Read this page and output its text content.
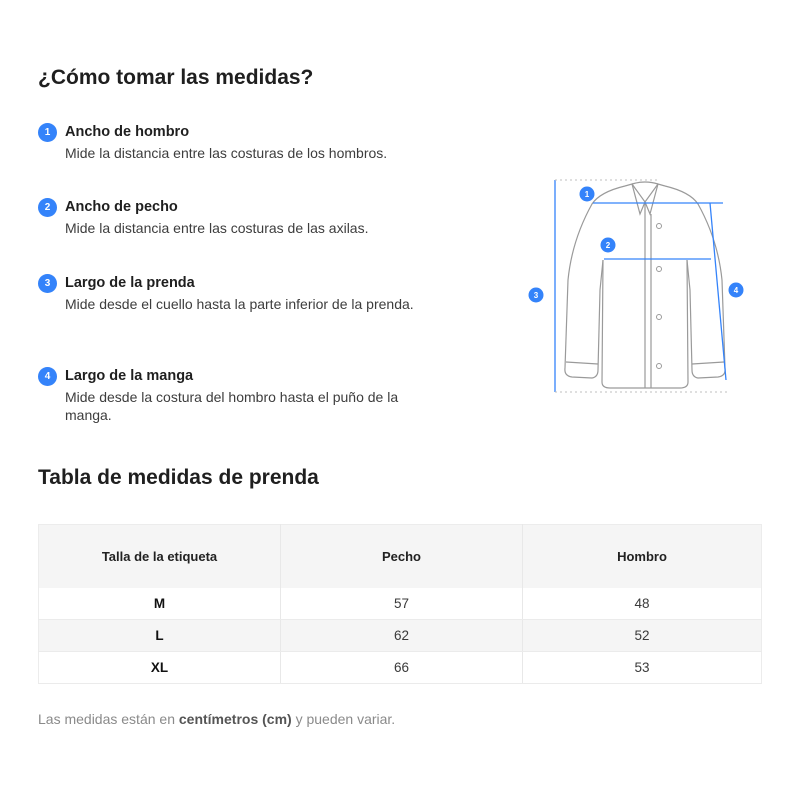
¿Cómo tomar las medidas?
1	Ancho de hombro
Mide la distancia entre las costuras de los hombros.
2	Ancho de pecho
Mide la distancia entre las costuras de las axilas.
3	Largo de la prenda
Mide desde el cuello hasta la parte inferior de la prenda.
4	Largo de la manga
Mide desde la costura del hombro hasta el puño de la manga.
1
2
3
4
Tabla de medidas de prenda
Talla de la etiqueta	Pecho	Hombro
M	57	48
L	62	52
XL	66	53
Las medidas están en centímetros (cm) y pueden variar.
